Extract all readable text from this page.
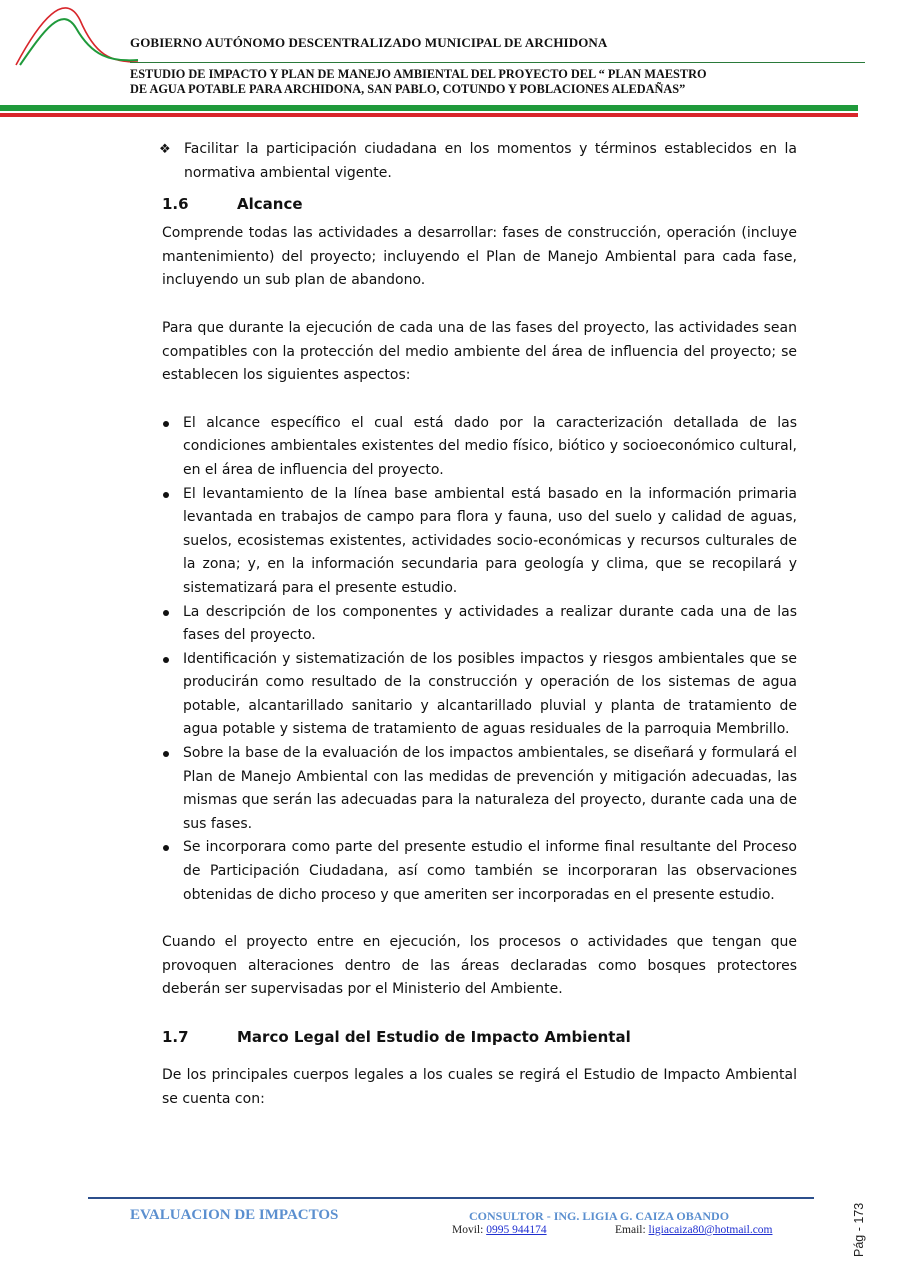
GOBIERNO AUTÓNOMO DESCENTRALIZADO MUNICIPAL DE ARCHIDONA
ESTUDIO DE IMPACTO Y PLAN DE MANEJO AMBIENTAL DEL PROYECTO DEL “ PLAN MAESTRO
DE AGUA POTABLE PARA ARCHIDONA, SAN PABLO, COTUNDO Y POBLACIONES ALEDAÑAS”

❖ Facilitar la participación ciudadana en los momentos y términos establecidos en la normativa ambiental vigente.

1.6	Alcance

Comprende todas las actividades a desarrollar: fases de construcción, operación (incluye mantenimiento) del proyecto; incluyendo el Plan de Manejo Ambiental para cada fase, incluyendo un sub plan de abandono.

Para que durante la ejecución de cada una de las fases del proyecto, las actividades sean compatibles con la protección del medio ambiente del área de influencia del proyecto; se establecen los siguientes aspectos:

El alcance específico el cual está dado por la caracterización detallada de las condiciones ambientales existentes del medio físico, biótico y socioeconómico cultural, en el área de influencia del proyecto.
El levantamiento de la línea base ambiental está basado en la información primaria levantada en trabajos de campo para flora y fauna, uso del suelo y calidad de aguas, suelos, ecosistemas existentes, actividades socio-económicas y recursos culturales de la zona; y, en la información secundaria para geología y clima, que se recopilará y sistematizará para el presente estudio.
La descripción de los componentes y actividades a realizar durante cada una de las fases del proyecto.
Identificación y sistematización de los posibles impactos y riesgos ambientales que se producirán como resultado de la construcción y operación de los sistemas de agua potable, alcantarillado sanitario y alcantarillado pluvial y planta de tratamiento de agua potable y sistema de tratamiento de aguas residuales de la parroquia Membrillo.
Sobre la base de la evaluación de los impactos ambientales, se diseñará y formulará el Plan de Manejo Ambiental con las medidas de prevención y mitigación adecuadas, las mismas que serán las adecuadas para la naturaleza del proyecto, durante cada una de sus fases.
Se incorporara como parte del presente estudio el informe final resultante del Proceso de Participación Ciudadana, así como también se incorporaran las observaciones obtenidas de dicho proceso y que ameriten ser incorporadas en el presente estudio.

Cuando el proyecto entre en ejecución, los procesos o actividades que tengan que provoquen alteraciones dentro de las áreas declaradas como bosques protectores deberán ser supervisadas por el Ministerio del Ambiente.

1.7	Marco Legal del Estudio de Impacto Ambiental

De los principales cuerpos legales a los cuales se regirá el Estudio de Impacto Ambiental se cuenta con:

EVALUACION DE IMPACTOS	CONSULTOR - ING. LIGIA G. CAIZA OBANDO
Movil: 0995 944174	Email: ligiacaiza80@hotmail.com	Pág - 173
